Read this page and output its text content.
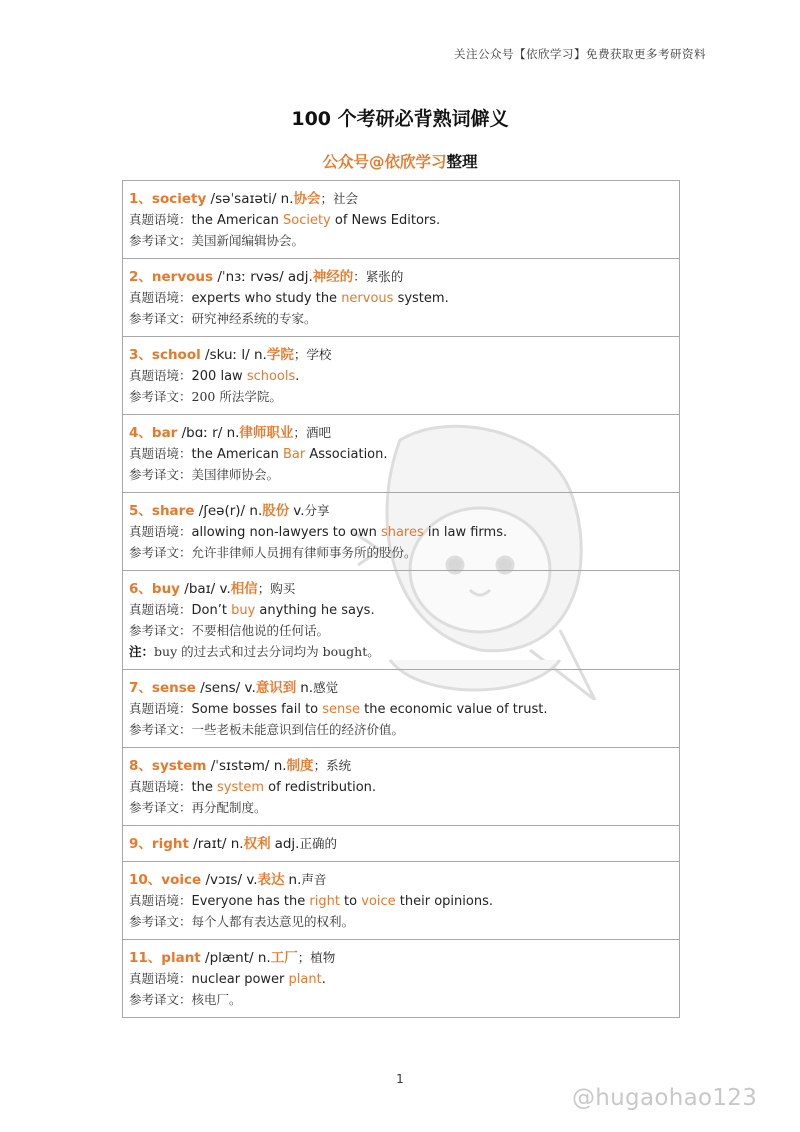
关注公众号【依欣学习】免费获取更多考研资料
100 个考研必背熟词僻义
公众号@依欣学习整理
1、society /səˈsaɪəti/ n.协会；社会
真题语境：the American Society of News Editors.
参考译文：美国新闻编辑协会。
2、nervous /ˈnɜː rvəs/ adj.神经的：紧张的
真题语境：experts who study the nervous system.
参考译文：研究神经系统的专家。
3、school /skuː l/ n.学院；学校
真题语境：200 law schools.
参考译文：200 所法学院。
4、bar /bɑː r/ n.律师职业；酒吧
真题语境：the American Bar Association.
参考译文：美国律师协会。
5、share /ʃeə(r)/ n.股份 v.分享
真题语境：allowing non-lawyers to own shares in law firms.
参考译文：允许非律师人员拥有律师事务所的股份。
6、buy /baɪ/ v.相信；购买
真题语境：Don’t buy anything he says.
参考译文：不要相信他说的任何话。
注：buy 的过去式和过去分词均为 bought。
7、sense /sens/ v.意识到 n.感觉
真题语境：Some bosses fail to sense the economic value of trust.
参考译文：一些老板未能意识到信任的经济价值。
8、system /ˈsɪstəm/ n.制度；系统
真题语境：the system of redistribution.
参考译文：再分配制度。
9、right /raɪt/ n.权利 adj.正确的
10、voice /vɔɪs/ v.表达 n.声音
真题语境：Everyone has the right to voice their opinions.
参考译文：每个人都有表达意见的权利。
11、plant /plænt/ n.工厂；植物
真题语境：nuclear power plant.
参考译文：核电厂。
1
@hugaohao123
